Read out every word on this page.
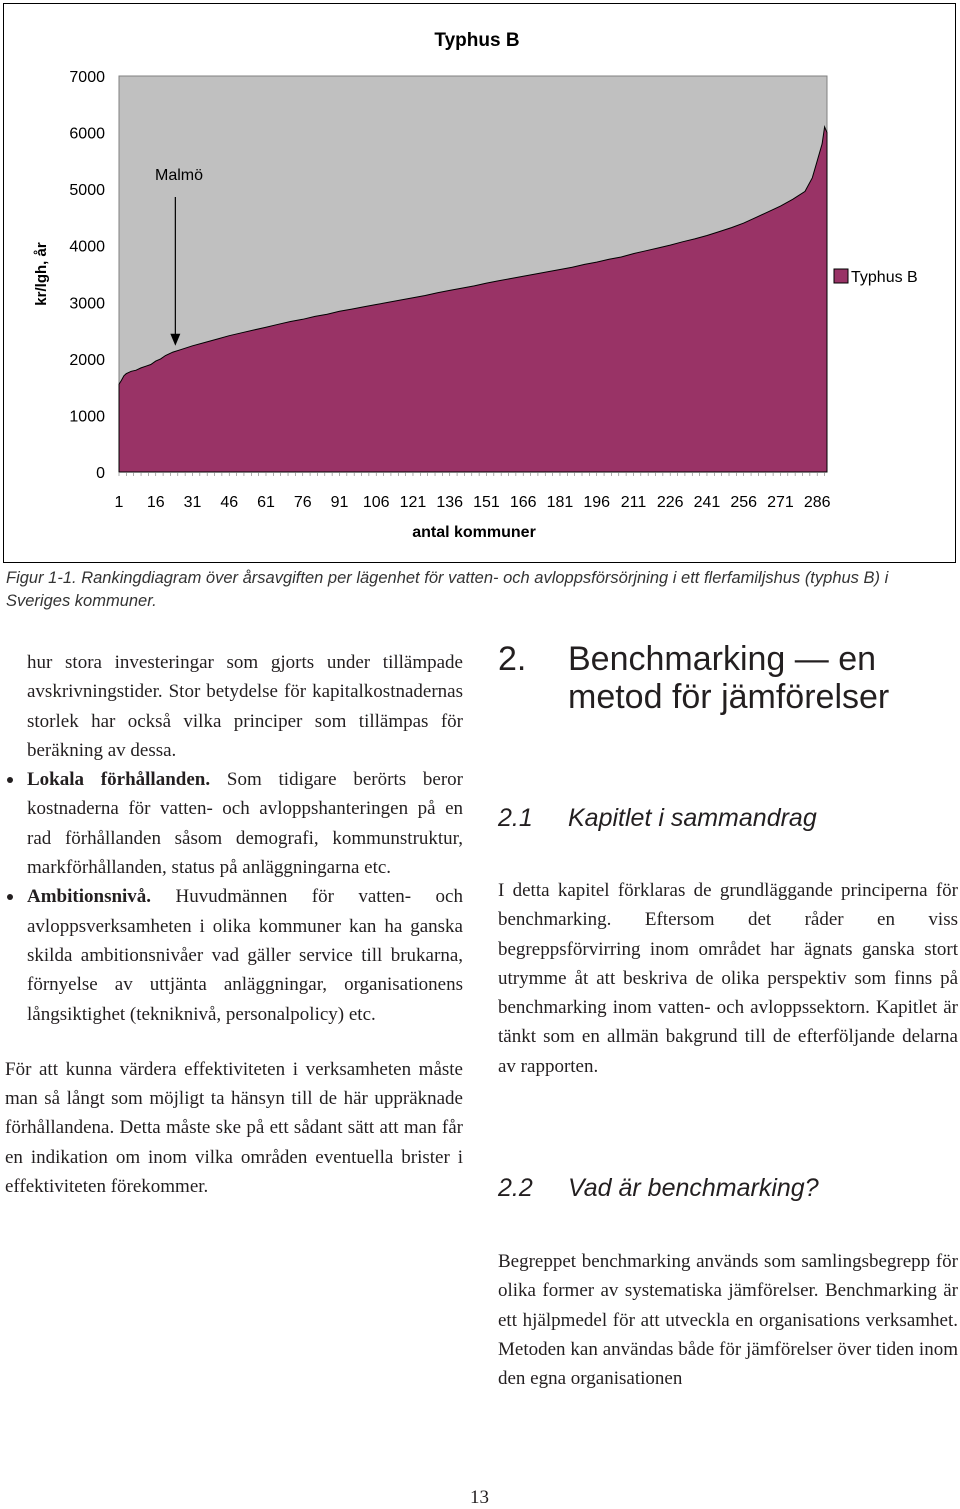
0
1000
2000
3000
4000
5000
6000
7000
1 16 31 46 61 76 91 106 121 136 151 166 181 196 211 226 241 256 271 286
Typhus B
antal kommuner
kr/lgh, år
Malmö
Typhus B
Figur 1-1. Rankingdiagram över årsavgiften per lägenhet för vatten- och avloppsförsörjning i ett flerfamiljshus (typhus B) i Sveriges kommuner.

hur stora investeringar som gjorts under tillämpade avskrivningstider. Stor betydelse för kapitalkostnadernas storlek har också vilka principer som tillämpas för beräkning av dessa.

Lokala förhållanden. Som tidigare berörts beror kostnaderna för vatten- och avloppshanteringen på en rad förhållanden såsom demografi, kommunstruktur, markförhållanden, status på anläggningarna etc.
Ambitionsnivå. Huvudmännen för vatten- och avloppsverksamheten i olika kommuner kan ha ganska skilda ambitionsnivåer vad gäller service till brukarna, förnyelse av uttjänta anläggningar, organisationens långsiktighet (tekniknivå, personalpolicy) etc.

För att kunna värdera effektiviteten i verksamheten måste man så långt som möjligt ta hänsyn till de här uppräknade förhållandena. Detta måste ske på ett sådant sätt att man får en indikation om inom vilka områden eventuella brister i effektiviteten förekommer.

2.	Benchmarking — en metod för jämförelser
2.1	Kapitlet i sammandrag

I detta kapitel förklaras de grundläggande principerna för benchmarking. Eftersom det råder en viss begreppsförvirring inom området har ägnats ganska stort utrymme åt att beskriva de olika perspektiv som finns på benchmarking inom vatten- och avloppssektorn. Kapitlet är tänkt som en allmän bakgrund till de efterföljande delarna av rapporten.

2.2	Vad är benchmarking?

Begreppet benchmarking används som samlingsbegrepp för olika former av systematiska jämförelser. Benchmarking är ett hjälpmedel för att utveckla en organisations verksamhet. Metoden kan användas både för jämförelser över tiden inom den egna organisationen

13
